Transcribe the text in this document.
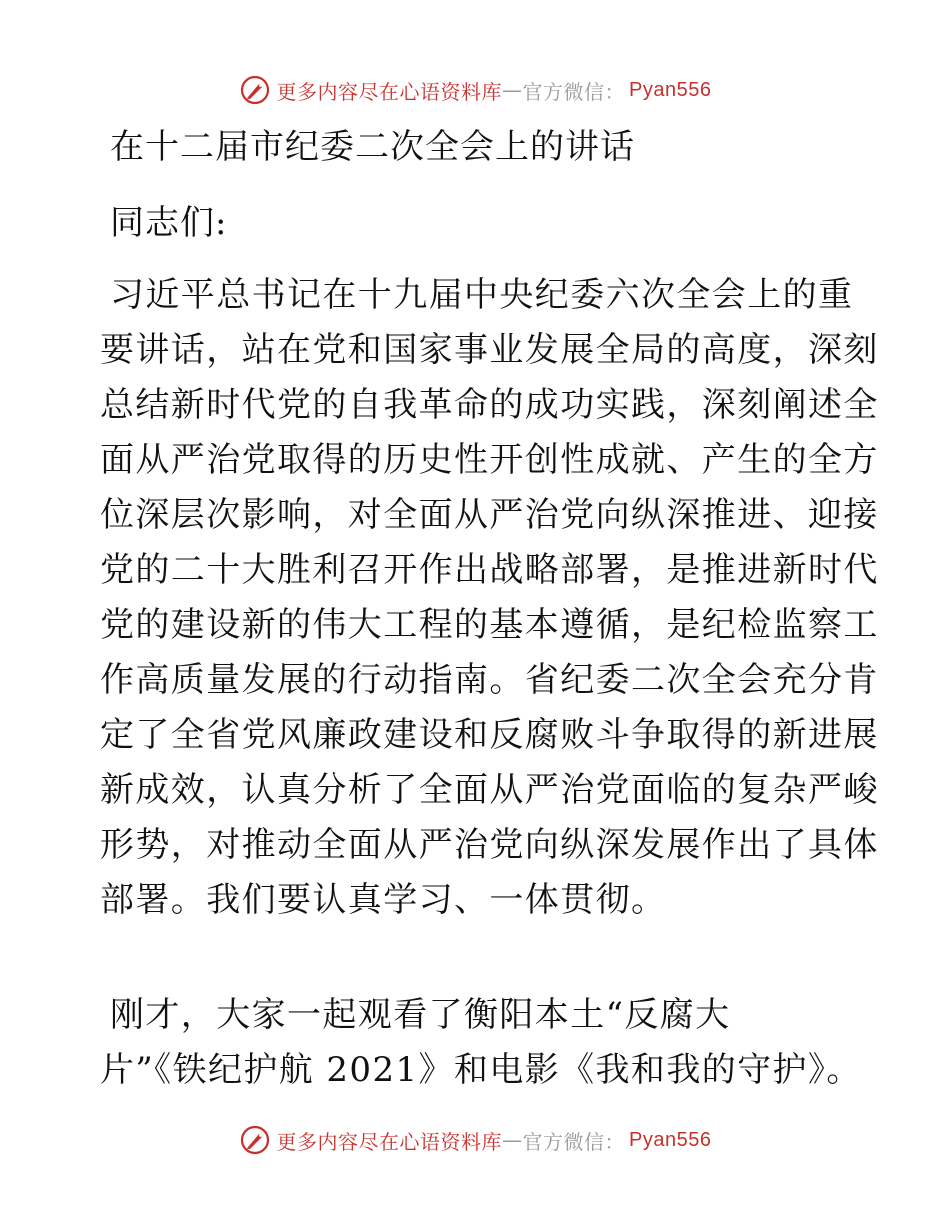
更多内容尽在心语资料库 — 官方微信： Pyan556
在十二届市纪委二次全会上的讲话
同志们:
习近平总书记在十九届中央纪委六次全会上的重
要讲话，站在党和国家事业发展全局的高度，深刻
总结新时代党的自我革命的成功实践，深刻阐述全
面从严治党取得的历史性开创性成就、产生的全方
位深层次影响，对全面从严治党向纵深推进、迎接
党的二十大胜利召开作出战略部署，是推进新时代
党的建设新的伟大工程的基本遵循，是纪检监察工
作高质量发展的行动指南。省纪委二次全会充分肯
定了全省党风廉政建设和反腐败斗争取得的新进展
新成效，认真分析了全面从严治党面临的复杂严峻
形势，对推动全面从严治党向纵深发展作出了具体
部署。我们要认真学习、一体贯彻。
刚才，大家一起观看了衡阳本土“反腐大
片”《铁纪护航 2021》和电影《我和我的守护》。
更多内容尽在心语资料库 — 官方微信： Pyan556
